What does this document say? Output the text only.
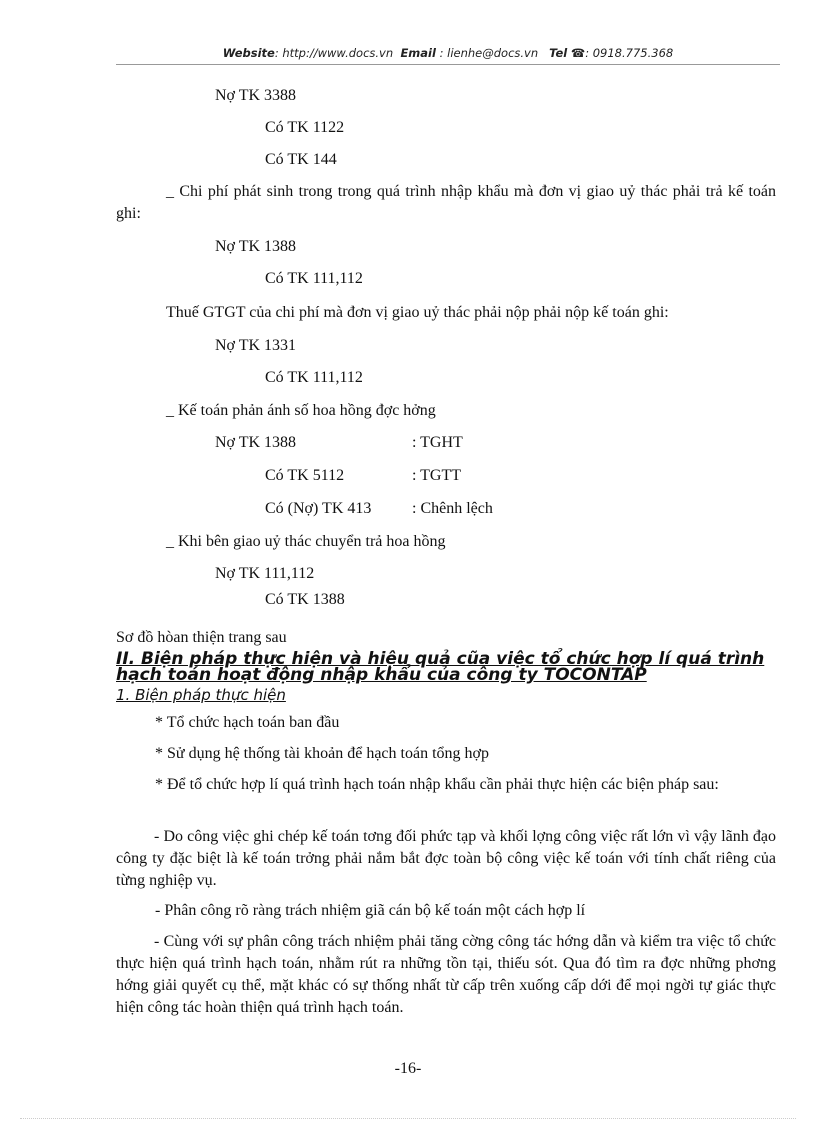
Website: http://www.docs.vn Email : lienhe@docs.vn Tel ☎: 0918.775.368
Nợ TK 3388
Có TK 1122
Có TK 144
_ Chi phí phát sinh trong trong quá trình nhập khẩu mà đơn vị giao uỷ thác phải trả kế toán ghi:
Nợ TK 1388
Có TK 111,112
Thuế GTGT của chi phí mà đơn vị giao uỷ thác phải nộp phải nộp kế toán ghi:
Nợ TK 1331
Có TK 111,112
_ Kế toán phản ánh số hoa hồng đợc hởng
Nợ TK 1388	: TGHT
Có TK 5112	: TGTT
Có (Nợ) TK 413	: Chênh lệch
_ Khi bên giao uỷ thác chuyển trả hoa hồng
Nợ TK 111,112
Có TK 1388
Sơ đồ hòan thiện trang sau
II. Biện pháp thực hiện và hiệu quả cũa việc tổ chức hợp lí quá trình hạch toán hoạt động nhập khẩu của công ty TOCONTAP
1. Biện pháp thực hiện
* Tổ chức hạch toán ban đầu
* Sử dụng hệ thống tài khoản để hạch toán tổng hợp
* Để tổ chức hợp lí quá trình hạch toán nhập khẩu cần phải thực hiện các biện pháp sau:
- Do công việc ghi chép kế toán tơng đối phức tạp và khối lợng công việc rất lớn vì vậy lãnh đạo công ty đặc biệt là kế toán trởng phải nắm bắt đợc toàn bộ công việc kế toán với tính chất riêng của từng nghiệp vụ.
- Phân công rõ ràng trách nhiệm giã cán bộ kế toán một cách hợp lí
- Cùng với sự phân công trách nhiệm phải tăng cờng công tác hớng dẫn và kiểm tra việc tổ chức thực hiện quá trình hạch toán, nhằm rút ra những tồn tại, thiếu sót. Qua đó tìm ra đợc những phơng hớng giải quyết cụ thể, mặt khác có sự thống nhất từ cấp trên xuống cấp dới để mọi ngời tự giác thực hiện công tác hoàn thiện quá trình hạch toán.
-16-
